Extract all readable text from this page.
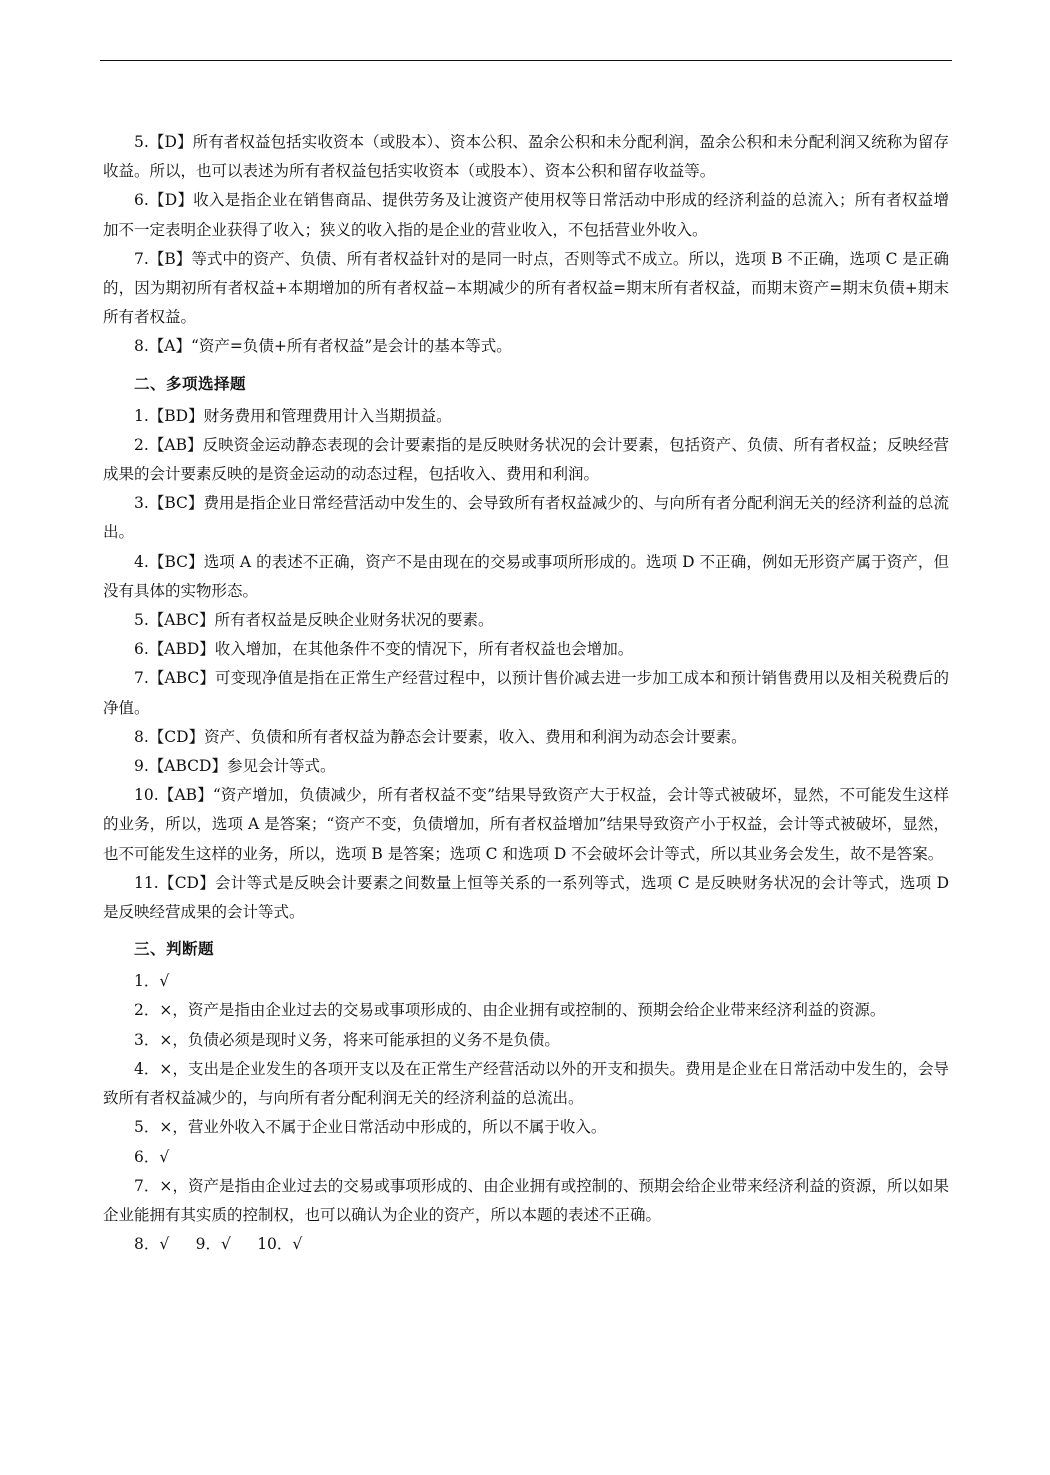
5.【D】所有者权益包括实收资本（或股本）、资本公积、盈余公积和未分配利润，盈余公积和未分配利润又统称为留存收益。所以，也可以表述为所有者权益包括实收资本（或股本）、资本公积和留存收益等。

6.【D】收入是指企业在销售商品、提供劳务及让渡资产使用权等日常活动中形成的经济利益的总流入；所有者权益增加不一定表明企业获得了收入；狭义的收入指的是企业的营业收入，不包括营业外收入。

7.【B】等式中的资产、负债、所有者权益针对的是同一时点，否则等式不成立。所以，选项 B 不正确，选项 C 是正确的，因为期初所有者权益+本期增加的所有者权益−本期减少的所有者权益=期末所有者权益，而期末资产=期末负债+期末所有者权益。

8.【A】“资产=负债+所有者权益”是会计的基本等式。

二、多项选择题

1.【BD】财务费用和管理费用计入当期损益。

2.【AB】反映资金运动静态表现的会计要素指的是反映财务状况的会计要素，包括资产、负债、所有者权益；反映经营成果的会计要素反映的是资金运动的动态过程，包括收入、费用和利润。

3.【BC】费用是指企业日常经营活动中发生的、会导致所有者权益减少的、与向所有者分配利润无关的经济利益的总流出。

4.【BC】选项 A 的表述不正确，资产不是由现在的交易或事项所形成的。选项 D 不正确，例如无形资产属于资产，但没有具体的实物形态。

5.【ABC】所有者权益是反映企业财务状况的要素。

6.【ABD】收入增加，在其他条件不变的情况下，所有者权益也会增加。

7.【ABC】可变现净值是指在正常生产经营过程中，以预计售价减去进一步加工成本和预计销售费用以及相关税费后的净值。

8.【CD】资产、负债和所有者权益为静态会计要素，收入、费用和利润为动态会计要素。

9.【ABCD】参见会计等式。

10.【AB】“资产增加，负债减少，所有者权益不变”结果导致资产大于权益，会计等式被破坏，显然，不可能发生这样的业务，所以，选项 A 是答案；“资产不变，负债增加，所有者权益增加”结果导致资产小于权益，会计等式被破坏，显然，也不可能发生这样的业务，所以，选项 B 是答案；选项 C 和选项 D 不会破坏会计等式，所以其业务会发生，故不是答案。

11.【CD】会计等式是反映会计要素之间数量上恒等关系的一系列等式，选项 C 是反映财务状况的会计等式，选项 D 是反映经营成果的会计等式。

三、判断题

1．√

2．×，资产是指由企业过去的交易或事项形成的、由企业拥有或控制的、预期会给企业带来经济利益的资源。

3．×，负债必须是现时义务，将来可能承担的义务不是负债。

4．×，支出是企业发生的各项开支以及在正常生产经营活动以外的开支和损失。费用是企业在日常活动中发生的，会导致所有者权益减少的，与向所有者分配利润无关的经济利益的总流出。

5．×，营业外收入不属于企业日常活动中形成的，所以不属于收入。

6．√

7．×，资产是指由企业过去的交易或事项形成的、由企业拥有或控制的、预期会给企业带来经济利益的资源，所以如果企业能拥有其实质的控制权，也可以确认为企业的资产，所以本题的表述不正确。

8．√ 9．√ 10．√
